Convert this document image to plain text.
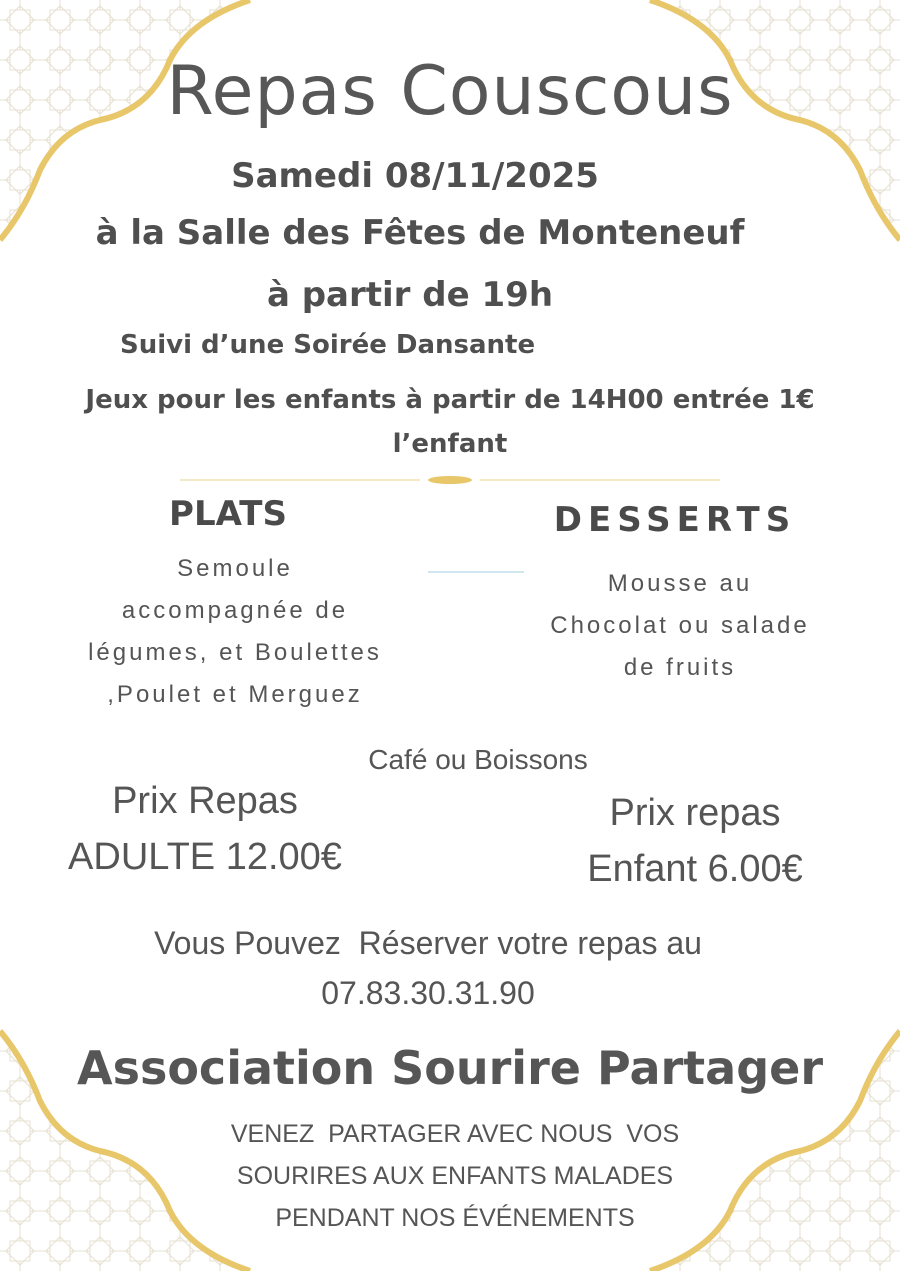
Repas Couscous
Samedi 08/11/2025
à la Salle des Fêtes de Monteneuf
à partir de 19h
Suivi d’une Soirée Dansante
Jeux pour les enfants à partir de 14H00 entrée 1€
l’enfant
PLATS	DESSERTS
Semoule
accompagnée de
légumes, et Boulettes
,Poulet et Merguez
Mousse au
Chocolat ou salade
de fruits
Café ou Boissons
Prix Repas
ADULTE 12.00€
Prix repas
Enfant 6.00€
Vous Pouvez  Réserver votre repas au
07.83.30.31.90
Association Sourire Partager
VENEZ  PARTAGER AVEC NOUS  VOS
SOURIRES AUX ENFANTS MALADES
PENDANT NOS ÉVÉNEMENTS
